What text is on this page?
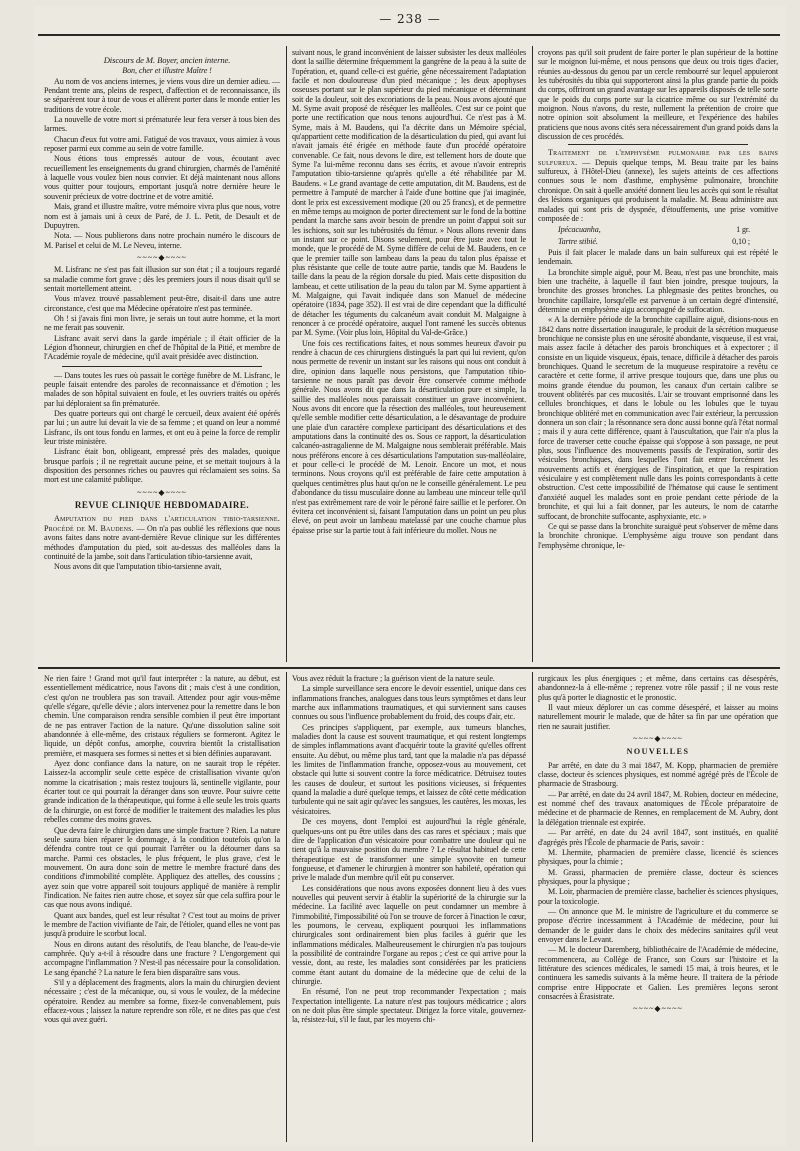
— 238 —

Discours de M. Boyer, ancien interne.

Bon, cher et illustre Maître !

Au nom de vos anciens internes, je viens vous dire un dernier adieu. — Pendant trente ans, pleins de respect, d'affection et de reconnaissance, ils se séparèrent tour à tour de vous et allèrent porter dans le monde entier les traditions de votre école.

La nouvelle de votre mort si prématurée leur fera verser à tous bien des larmes.

Chacun d'eux fut votre ami. Fatigué de vos travaux, vous aimiez à vous reposer parmi eux comme au sein de votre famille.

Nous étions tous empressés autour de vous, écoutant avec recueillement les enseignements du grand chirurgien, charmés de l'aménité à laquelle vous voulez bien nous convier. Et déjà maintenant nous allons vous quitter pour toujours, emportant jusqu'à notre dernière heure le souvenir précieux de votre doctrine et de votre amitié.

Mais, grand et illustre maître, votre mémoire vivra plus que nous, votre nom est à jamais uni à ceux de Paré, de J. L. Petit, de Desault et de Dupuytren.

Nota. — Nous publierons dans notre prochain numéro le discours de M. Parisel et celui de M. Le Neveu, interne.

~~~~◆~~~~

M. Lisfranc ne s'est pas fait illusion sur son état ; il a toujours regardé sa maladie comme fort grave ; dès les premiers jours il nous disait qu'il se sentait mortellement atteint.

Vous m'avez trouvé passablement peut-être, disait-il dans une autre circonstance, c'est que ma Médecine opératoire n'est pas terminée.

Oh ! si j'avais fini mon livre, je serais un tout autre homme, et la mort ne me ferait pas souvenir.

Lisfranc avait servi dans la garde impériale ; il était officier de la Légion d'honneur, chirurgien en chef de l'hôpital de la Pitié, et membre de l'Académie royale de médecine, qu'il avait présidée avec distinction.

— Dans toutes les rues où passait le cortège funèbre de M. Lisfranc, le peuple faisait entendre des paroles de reconnaissance et d'émotion ; les malades de son hôpital suivaient en foule, et les ouvriers traités ou opérés par lui déploraient sa fin prématurée.

Des quatre porteurs qui ont chargé le cercueil, deux avaient été opérés par lui ; un autre lui devait la vie de sa femme ; et quand on leur a nommé Lisfranc, ils ont tous fondu en larmes, et ont eu à peine la force de remplir leur triste ministère.

Lisfranc était bon, obligeant, empressé près des malades, quoique brusque parfois ; il ne regrettait aucune peine, et se mettait toujours à la disposition des personnes riches ou pauvres qui réclamaient ses soins. Sa mort est une calamité publique.

~~~~◆~~~~
REVUE CLINIQUE HEBDOMADAIRE.

Amputation du pied dans l'articulation tibio-tarsienne. Procédé de M. Baudens. — On n'a pas oublié les réflexions que nous avons faites dans notre avant-dernière Revue clinique sur les différentes méthodes d'amputation du pied, soit au-dessus des malléoles dans la continuité de la jambe, soit dans l'articulation tibio-tarsienne avait,

Nous avons dit que l'amputation tibio-tarsienne avait,

suivant nous, le grand inconvénient de laisser subsister les deux malléoles dont la saillie détermine fréquemment la gangrène de la peau à la suite de l'opération, et, quand celle-ci est guérie, gêne nécessairement l'adaptation facile et non douloureuse d'un pied mécanique ; les deux apophyses osseuses portant sur le plan supérieur du pied mécanique et déterminant soit de la douleur, soit des excoriations de la peau. Nous avons ajouté que M. Syme avait proposé de réséquer les malléoles. C'est sur ce point que porte une rectification que nous tenons aujourd'hui. Ce n'est pas à M. Syme, mais à M. Baudens, qui l'a décrite dans un Mémoire spécial, qu'appartient cette modification de la désarticulation du pied, qui avant lui n'avait jamais été érigée en méthode faute d'un procédé opératoire convenable. Ce fait, nous devons le dire, est tellement hors de doute que Syme l'a lui-même reconnu dans ses écrits, et avoue n'avoir entrepris l'amputation tibio-tarsienne qu'après qu'elle a été réhabilitée par M. Baudens. « Le grand avantage de cette amputation, dit M. Baudens, est de permettre à l'amputé de marcher à l'aide d'une bottine que j'ai imaginée, dont le prix est excessivement modique (20 ou 25 francs), et de permettre en même temps au moignon de porter directement sur le fond de la bottine pendant la marche sans avoir besoin de prendre un point d'appui soit sur les ischions, soit sur les tubérosités du fémur. » Nous allons revenir dans un instant sur ce point. Disons seulement, pour être juste avec tout le monde, que le procédé de M. Syme diffère de celui de M. Baudens, en ce que le premier taille son lambeau dans la peau du talon plus épaisse et plus résistante que celle de toute autre partie, tandis que M. Baudens le taille dans la peau de la région dorsale du pied. Mais cette disposition du lambeau, et cette utilisation de la peau du talon par M. Syme appartient à M. Malgaigne, qui l'avait indiquée dans son Manuel de médecine opératoire (1834, page 352). Il est vrai de dire cependant que la difficulté de détacher les téguments du calcanéum avait conduit M. Malgaigne à renoncer à ce procédé opératoire, auquel l'ont ramené les succès obtenus par M. Syme. (Voir plus loin, Hôpital du Val-de-Grâce.)

Une fois ces rectifications faites, et nous sommes heureux d'avoir pu rendre à chacun de ces chirurgiens distingués la part qui lui revient, qu'on nous permette de revenir un instant sur les raisons qui nous ont conduit à dire, opinion dans laquelle nous persistons, que l'amputation tibio-tarsienne ne nous paraît pas devoir être conservée comme méthode générale. Nous avons dit que dans la désarticulation pure et simple, la saillie des malléoles nous paraissait constituer un grave inconvénient. Nous avons dit encore que la résection des malléoles, tout heureusement qu'elle semble modifier cette désarticulation, a le désavantage de produire une plaie d'un caractère complexe participant des désarticulations et des amputations dans la continuité des os. Sous ce rapport, la désarticulation calcanéo-astragalienne de M. Malgaigne nous semblerait préférable. Mais nous préférons encore à ces désarticulations l'amputation sus-malléolaire, et pour celle-ci le procédé de M. Lenoir. Encore un mot, et nous terminons. Nous croyons qu'il est préférable de faire cette amputation à quelques centimètres plus haut qu'on ne le conseille généralement. Le peu d'abondance du tissu musculaire donne au lambeau une minceur telle qu'il n'est pas extrêmement rare de voir le péroné faire saillie et le perforer. On évitera cet inconvénient si, faisant l'amputation dans un point un peu plus élevé, on peut avoir un lambeau matelassé par une couche charnue plus épaisse prise sur la partie tout à fait inférieure du mollet. Nous ne

croyons pas qu'il soit prudent de faire porter le plan supérieur de la bottine sur le moignon lui-même, et nous pensons que deux ou trois tiges d'acier, réunies au-dessous du genou par un cercle rembourré sur lequel appuieront les tubérosités du tibia qui supporteront ainsi la plus grande partie du poids du corps, offriront un grand avantage sur les appareils disposés de telle sorte que le poids du corps porte sur la cicatrice même ou sur l'extrémité du moignon. Nous n'avons, du reste, nullement la prétention de croire que notre opinion soit absolument la meilleure, et l'expérience des habiles praticiens que nous avons cités sera nécessairement d'un grand poids dans la discussion de ces procédés.

Traitement de l'emphysème pulmonaire par les bains sulfureux. — Depuis quelque temps, M. Beau traite par les bains sulfureux, à l'Hôtel-Dieu (annexe), les sujets atteints de ces affections connues sous le nom d'asthme, emphysème pulmonaire, bronchite chronique. On sait à quelle anxiété donnent lieu les accès qui sont le résultat des lésions organiques qui produisent la maladie. M. Beau administre aux malades qui sont pris de dyspnée, d'étouffements, une prise vomitive composée de :

Ipécacuanha,	1 gr.
Tartre stibié.	0,10 ;

Puis il fait placer le malade dans un bain sulfureux qui est répété le lendemain.

La bronchite simple aiguë, pour M. Beau, n'est pas une bronchite, mais bien une trachéite, à laquelle il faut bien joindre, presque toujours, la bronchite des grosses bronches. La phlegmasie des petites bronches, ou bronchite capillaire, lorsqu'elle est parvenue à un certain degré d'intensité, détermine un emphysème aigu accompagné de suffocation.

« A la dernière période de la bronchite capillaire aiguë, disions-nous en 1842 dans notre dissertation inaugurale, le produit de la sécrétion muqueuse bronchique ne consiste plus en une sérosité abondante, visqueuse, il est vrai, mais assez facile à détacher des parois bronchiques et à expectorer ; il consiste en un liquide visqueux, épais, tenace, difficile à détacher des parois bronchiques. Quand le secretum de la muqueuse respiratoire a revêtu ce caractère et cette forme, il arrive presque toujours que, dans une plus ou moins grande étendue du poumon, les canaux d'un certain calibre se trouvent oblitérés par ces mucosités. L'air se trouvant emprisonné dans les cellules bronchiques, et dans le lobule ou les lobules que le tuyau bronchique oblitéré met en communication avec l'air extérieur, la percussion donnera un son clair ; la résonnance sera donc aussi bonne qu'à l'état normal ; mais il y aura cette différence, quant à l'auscultation, que l'air n'a plus la force de traverser cette couche épaisse qui s'oppose à son passage, ne peut plus, sous l'influence des mouvements passifs de l'expiration, sortir des vésicules bronchiques, dans lesquelles l'ont fait entrer forcément les mouvements actifs et énergiques de l'inspiration, et que la respiration vésiculaire y est complètement nulle dans les points correspondants à cette obstruction. C'est cette impossibilité de l'hématose qui cause le sentiment d'anxiété auquel les malades sont en proie pendant cette période de la bronchite, et qui lui a fait donner, par les auteurs, le nom de catarrhe suffocant, de bronchite suffocante, asphyxiante, etc. »

Ce qui se passe dans la bronchite suraiguë peut s'observer de même dans la bronchite chronique. L'emphysème aigu trouve son pendant dans l'emphysème chronique, le-

Ne rien faire ! Grand mot qu'il faut interpréter : la nature, au début, est essentiellement médicatrice, nous l'avons dit ; mais c'est à une condition, c'est qu'on ne troublera pas son travail. Attendez pour agir vous-même qu'elle s'égare, qu'elle dévie ; alors intervenez pour la remettre dans le bon chemin. Une comparaison rendra sensible combien il peut être important de ne pas entraver l'action de la nature. Qu'une dissolution saline soit abandonnée à elle-même, des cristaux réguliers se formeront. Agitez le liquide, un dépôt confus, amorphe, couvrira bientôt la cristallisation première, et masquera ses formes si nettes et si bien définies auparavant.

Ayez donc confiance dans la nature, on ne saurait trop le répéter. Laissez-la accomplir seule cette espèce de cristallisation vivante qu'on nomme la cicatrisation ; mais restez toujours là, sentinelle vigilante, pour écarter tout ce qui pourrait la déranger dans son œuvre. Pour suivre cette grande indication de la thérapeutique, qui forme à elle seule les trois quarts de la chirurgie, on est forcé de modifier le traitement des maladies les plus rebelles comme des moins graves.

Que devra faire le chirurgien dans une simple fracture ? Rien. La nature seule saura bien réparer le dommage, à la condition toutefois qu'on la défendra contre tout ce qui pourrait l'arrêter ou la détourner dans sa marche. Parmi ces obstacles, le plus fréquent, le plus grave, c'est le mouvement. On aura donc soin de mettre le membre fracturé dans des conditions d'immobilité complète. Appliquez des attelles, des coussins ; ayez soin que votre appareil soit toujours appliqué de manière à remplir l'indication. Ne faites rien autre chose, et soyez sûr que cela suffira pour le cas que nous avons indiqué.

Quant aux bandes, quel est leur résultat ? C'est tout au moins de priver le membre de l'action vivifiante de l'air, de l'étioler, quand elles ne vont pas jusqu'à produire le scorbut local.

Nous en dirons autant des résolutifs, de l'eau blanche, de l'eau-de-vie camphrée. Qu'y a-t-il à résoudre dans une fracture ? L'engorgement qui accompagne l'inflammation ? N'est-il pas nécessaire pour la consolidation. Le sang épanché ? La nature le fera bien disparaître sans vous.

S'il y a déplacement des fragments, alors la main du chirurgien devient nécessaire ; c'est de la mécanique, ou, si vous le voulez, de la médecine opératoire. Rendez au membre sa forme, fixez-le convenablement, puis effacez-vous ; laissez la nature reprendre son rôle, et ne dites pas que c'est vous qui avez guéri.

Vous avez réduit la fracture ; la guérison vient de la nature seule.

La simple surveillance sera encore le devoir essentiel, unique dans ces inflammations franches, analogues dans tous leurs symptômes et dans leur marche aux inflammations traumatiques, et qui surviennent sans causes connues ou sous l'influence probablement du froid, des coups d'air, etc.

Ces principes s'appliquent, par exemple, aux tumeurs blanches, maladies dont la cause est souvent traumatique, et qui restent longtemps de simples inflammations avant d'acquérir toute la gravité qu'elles offrent ensuite. Au début, ou même plus tard, tant que la maladie n'a pas dépassé les limites de l'inflammation franche, opposez-vous au mouvement, cet obstacle qui lutte si souvent contre la force médicatrice. Détruisez toutes les causes de douleur, et surtout les positions vicieuses, si fréquentes quand la maladie a duré quelque temps, et laissez de côté cette médication turbulente qui ne sait agir qu'avec les sangsues, les cautères, les moxas, les vésicatoires.

De ces moyens, dont l'emploi est aujourd'hui la règle générale, quelques-uns ont pu être utiles dans des cas rares et spéciaux ; mais que dire de l'application d'un vésicatoire pour combattre une douleur qui ne tient qu'à la mauvaise position du membre ? Le résultat habituel de cette thérapeutique est de transformer une simple synovite en tumeur fongueuse, et d'amener le chirurgien à montrer son habileté, opération qui prive le malade d'un membre qu'il eût pu conserver.

Les considérations que nous avons exposées donnent lieu à des vues nouvelles qui peuvent servir à établir la supériorité de la chirurgie sur la médecine. La facilité avec laquelle on peut condamner un membre à l'immobilité, l'impossibilité où l'on se trouve de forcer à l'inaction le cœur, les poumons, le cerveau, expliquent pourquoi les inflammations chirurgicales sont ordinairement bien plus faciles à guérir que les inflammations médicales. Malheureusement le chirurgien n'a pas toujours la possibilité de contraindre l'organe au repos ; c'est ce qui arrive pour la vessie, dont, au reste, les maladies sont considérées par les praticiens comme étant autant du domaine de la médecine que de celui de la chirurgie.

En résumé, l'on ne peut trop recommander l'expectation ; mais l'expectation intelligente. La nature n'est pas toujours médicatrice ; alors on ne doit plus être simple spectateur. Dirigez la force vitale, gouvernez-la, résistez-lui, s'il le faut, par les moyens chi-

rurgicaux les plus énergiques ; et même, dans certains cas désespérés, abandonnez-la à elle-même ; reprenez votre rôle passif ; il ne vous reste plus qu'à porter le diagnostic et le pronostic.

Il vaut mieux déplorer un cas comme désespéré, et laisser au moins naturellement mourir le malade, que de hâter sa fin par une opération que rien ne saurait justifier.

~~~~◆~~~~
NOUVELLES

Par arrêté, en date du 3 mai 1847, M. Kopp, pharmacien de première classe, docteur ès sciences physiques, est nommé agrégé près de l'École de pharmacie de Strasbourg.

— Par arrêté, en date du 24 avril 1847, M. Robien, docteur en médecine, est nommé chef des travaux anatomiques de l'École préparatoire de médecine et de pharmacie de Rennes, en remplacement de M. Aubry, dont la délégation triennale est expirée.

— Par arrêté, en date du 24 avril 1847, sont institués, en qualité d'agrégés près l'École de pharmacie de Paris, savoir :

M. Lhermite, pharmacien de première classe, licencié ès sciences physiques, pour la chimie ;

M. Grassi, pharmacien de première classe, docteur ès sciences physiques, pour la physique ;

M. Loir, pharmacien de première classe, bachelier ès sciences physiques, pour la toxicologie.

— On annonce que M. le ministre de l'agriculture et du commerce se propose d'écrire incessamment à l'Académie de médecine, pour lui demander de le guider dans le choix des médecins sanitaires qu'il veut envoyer dans le Levant.

— M. le docteur Daremberg, bibliothécaire de l'Académie de médecine, recommencera, au Collège de France, son Cours sur l'histoire et la littérature des sciences médicales, le samedi 15 mai, à trois heures, et le continuera les samedis suivants à la même heure. Il traitera de la période comprise entre Hippocrate et Galien. Les premières leçons seront consacrées à Érasistrate.

~~~~◆~~~~
